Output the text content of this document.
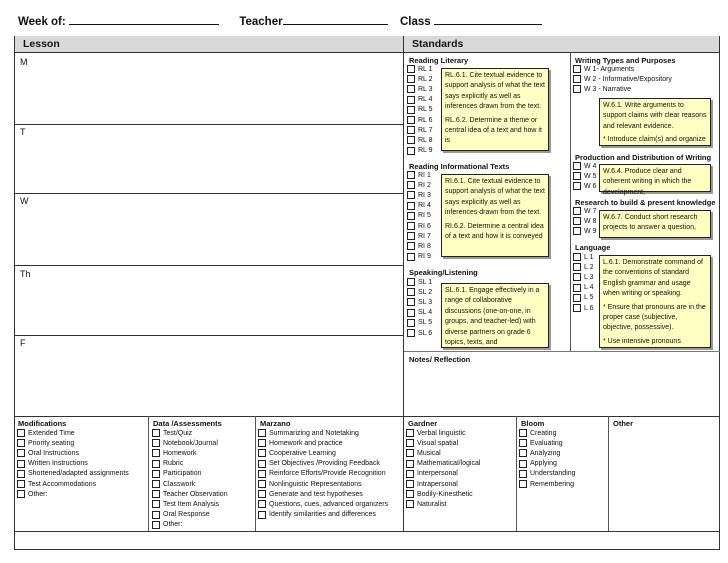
Week of:	Teacher	Class
Lesson	Standards
M
T
W
Th
F
Reading Literary
RL 1
RL 2
RL 3
RL 4
RL 5
RL 6
RL 7
RL 8
RL 9

RL.6.1. Cite textual evidence to support analysis of what the text says explicitly as well as inferences drawn from the text.

RL.6.2. Determine a theme or central idea of a text and how it is

Reading Informational Texts
RI 1
RI 2
RI 3
RI 4
RI 5
RI 6
RI 7
RI 8
RI 9

RI.6.1. Cite textual evidence to support analysis of what the text says explicitly as well as inferences drawn from the text.

RI.6.2. Determine a central idea of a text and how it is conveyed

Speaking/Listening
SL 1
SL 2
SL 3
SL 4
SL 5
SL 6

SL.6.1. Engage effectively in a range of collaborative discussions (one-on-one, in groups, and teacher-led) with diverse partners on grade 6 topics, texts, and

Writing Types and Purposes
W 1- Arguments
W 2 - Informative/Expository
W 3 - Narrative

W.6.1. Write arguments to support claims with clear reasons and relevant evidence.

* Introduce claim(s) and organize

Production and Distribution of Writing
W 4
W 5
W 6

W.6.4. Produce clear and coherent writing in which the development,

Research to build & present knowledge
W 7
W 8
W 9

W.6.7. Conduct short research projects to answer a question,

Language
L 1
L 2
L 3
L 4
L 5
L 6

L.6.1. Demonstrate command of the conventions of standard English grammar and usage when writing or speaking.

* Ensure that pronouns are in the proper case (subjective, objective, possessive).

* Use intensive pronouns

Notes/ Reflection
Modifications
Extended Time
Priority seating
Oral Instructions
Written Instructions
Shortened/adapted assignments
Test Accommodations
Other:
Data /Assessments
Test/Quiz
Notebook/Journal
Homework
Rubric
Participation
Classwork
Teacher Observation
Test Item Analysis
Oral Response
Other:
Marzano
Summarizing and Notetaking
Homework and practice
Cooperative Learning
Set Objectives /Providing Feedback
Reinforce Efforts/Provide Recognition
Nonlinguistic Representations
Generate and test hypotheses
Questions, cues, advanced organizers
Identify similarities and differences
Gardner
Verbal linguistic
Visual spatial
Musical
Mathematical/logical
Interpersonal
Intrapersonal
Bodily-Kinesthetic
Naturalist
Bloom
Creating
Evaluating
Analyzing
Applying
Understanding
Remembering
Other
